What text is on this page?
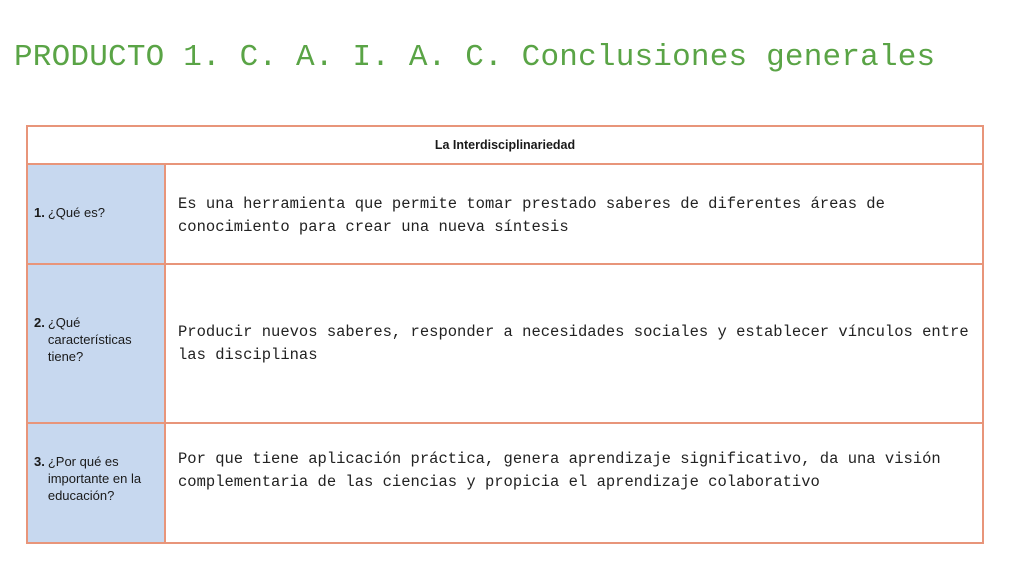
PRODUCTO 1. C. A. I. A. C. Conclusiones generales
La Interdisciplinariedad	

1. ¿Qué es?	Es una herramienta que permite tomar prestado saberes de diferentes áreas de conocimiento para crear una nueva síntesis

2. ¿Qué características tiene?	Producir nuevos saberes, responder a necesidades sociales y establecer vínculos entre las disciplinas

3. ¿Por qué es importante en la educación?	Por que tiene aplicación práctica, genera aprendizaje significativo, da una visión complementaria de las ciencias y propicia el aprendizaje colaborativo
